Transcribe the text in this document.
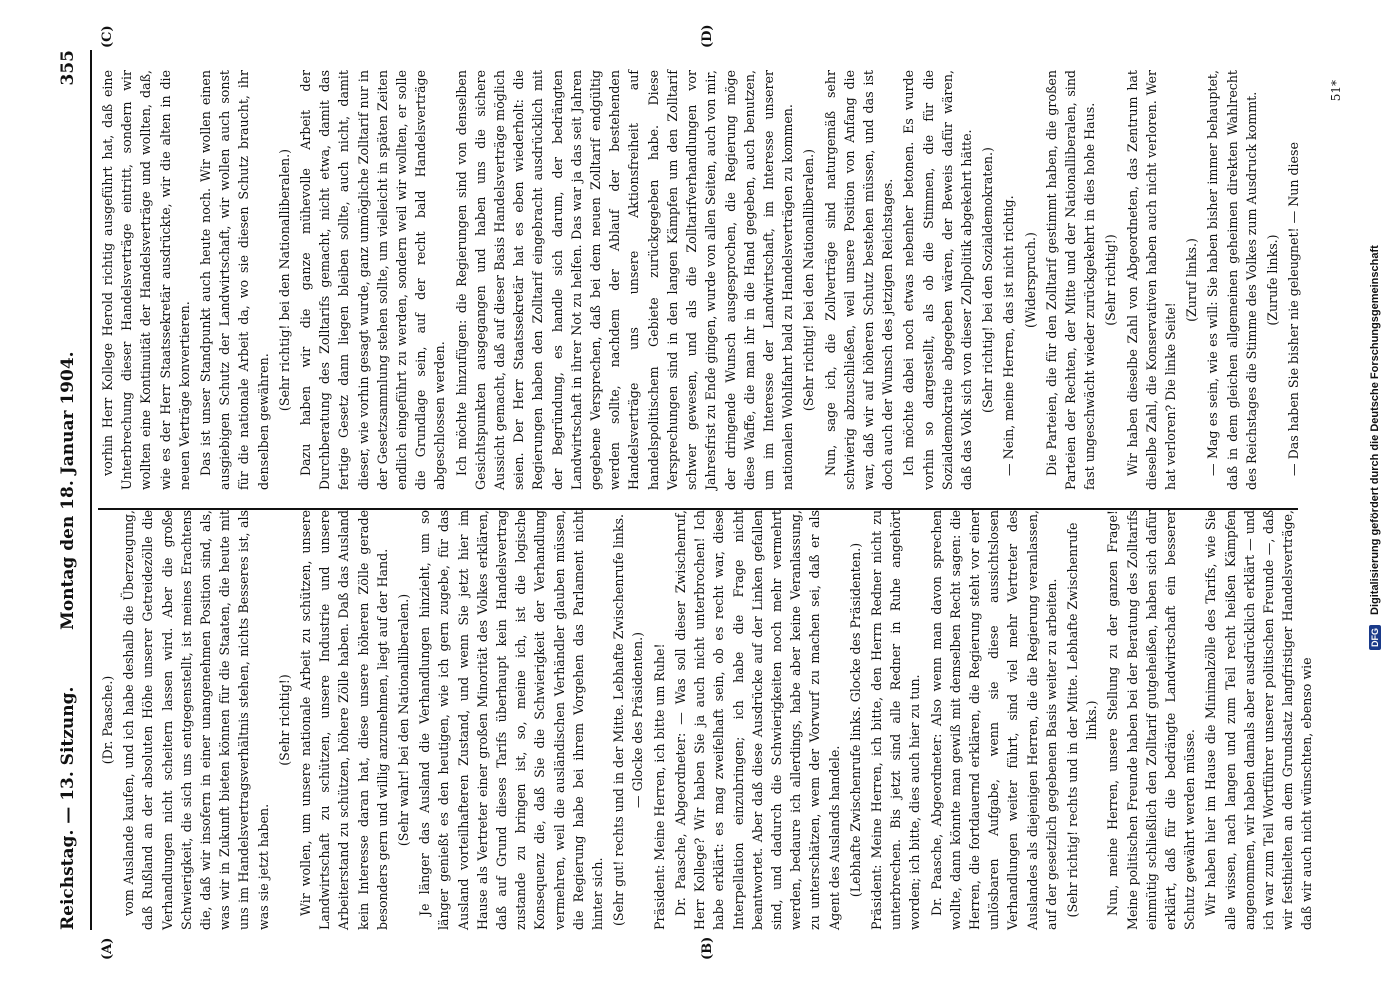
Reichstag. — 13. Sitzung.
Montag den 18. Januar 1904.
355
(A)	(B)
(C)	(D)

(Dr. Paasche.) vom Auslande kaufen, und ich habe deshalb die Überzeugung, daß Rußland an der absoluten Höhe unserer Getreidezölle die Verhandlungen nicht scheitern lassen wird. Aber die große Schwierigkeit, die sich uns entgegenstellt, ist meines Erachtens die, daß wir insofern in einer unangenehmen Position sind, als, was wir in Zukunft bieten können für die Staaten, die heute mit uns im Handelsvertragsverhältnis stehen, nichts Besseres ist, als was sie jetzt haben.

(Sehr richtig!) Wir wollen, um unsere nationale Arbeit zu schützen, unsere Landwirtschaft zu schützen, unsere Industrie und unsere Arbeiterstand zu schützen, höhere Zölle haben. Daß das Ausland kein Interesse daran hat, diese unsere höheren Zölle gerade besonders gern und willig anzunehmen, liegt auf der Hand. (Sehr wahr! bei den Nationalliberalen.) Je länger das Ausland die Verhandlungen hinzieht, um so länger genießt es den heutigen, wie ich gern zugebe, für das Ausland vorteilhafteren Zustand, und wenn Sie jetzt hier im Hause als Vertreter einer großen Minorität des Volkes erklären, daß auf Grund dieses Tarifs überhaupt kein Handelsvertrag zustande zu bringen ist, so, meine ich, ist die logische Konsequenz die, daß Sie die Schwierigkeit der Verhandlung vermehren, weil die ausländischen Verhändler glauben müssen, die Regierung habe bei ihrem Vorgehen das Parlament nicht hinter sich. (Sehr gut! rechts und in der Mitte. Lebhafte Zwischenrufe links. — Glocke des Präsidenten.) Präsident: Meine Herren, ich bitte um Ruhe! Dr. Paasche, Abgeordneter: — Was soll dieser Zwischenruf, Herr Kollege? Wir haben Sie ja auch nicht unterbrochen! Ich habe erklärt: es mag zweifelhaft sein, ob es recht war, diese Interpellation einzubringen; ich habe die Frage nicht beantwortet. Aber daß diese Ausdrücke auf der Linken gefallen sind, und dadurch die Schwierigkeiten noch mehr vermehrt werden, bedaure ich allerdings, habe aber keine Veranlassung, zu unterschätzen, wem der Vorwurf zu machen sei, daß er als Agent des Auslands handele. (Lebhafte Zwischenrufe links. Glocke des Präsidenten.) Präsident: Meine Herren, ich bitte, den Herrn Redner nicht zu unterbrechen. Bis jetzt sind alle Redner in Ruhe angehört worden; ich bitte, dies auch hier zu tun. Dr. Paasche, Abgeordneter: Also wenn man davon sprechen wollte, dann könnte man gewiß mit demselben Recht sagen: die Herren, die fortdauernd erklären, die Regierung steht vor einer unlösbaren Aufgabe, wenn sie diese aussichtslosen Verhandlungen weiter führt, sind viel mehr Vertreter des Auslandes als diejenigen Herren, die die Regierung veranlassen, auf der gesetzlich gegebenen Basis weiter zu arbeiten. (Sehr richtig! rechts und in der Mitte. Lebhafte Zwischenrufe links.) Nun, meine Herren, unsere Stellung zu der ganzen Frage! Meine politischen Freunde haben bei der Beratung des Zolltarifs einmütig schließlich den Zolltarif gutgeheißen, haben sich dafür erklärt, daß für die bedrängte Landwirtschaft ein besserer Schutz gewährt werden müsse. Wir haben hier im Hause die Minimalzölle des Tarifs, wie Sie alle wissen, nach langen und zum Teil recht heißen Kämpfen angenommen, wir haben damals aber ausdrücklich erklärt — und ich war zum Teil Wortführer unserer politischen Freunde —, daß wir festhielten an dem Grundsatz langfristiger Handelsverträge, daß wir auch nicht wünschten, ebenso wie

vorhin Herr Kollege Herold richtig ausgeführt hat, daß eine Unterbrechung dieser Handelsverträge eintritt, sondern wir wollten eine Kontinuität der Handelsverträge und wollten, daß, wie es der Herr Staatssekretär ausdrückte, wir die alten in die neuen Verträge konvertieren. Das ist unser Standpunkt auch heute noch. Wir wollen einen ausgiebigen Schutz der Landwirtschaft, wir wollen auch sonst für die nationale Arbeit da, wo sie diesen Schutz braucht, ihr denselben gewähren.

(Sehr richtig! bei den Nationalliberalen.) Dazu haben wir die ganze mühevolle Arbeit der Durchberatung des Zolltarifs gemacht, nicht etwa, damit das fertige Gesetz dann liegen bleiben sollte, auch nicht, damit dieser, wie vorhin gesagt wurde, ganz unmögliche Zolltarif nur in der Gesetzsammlung stehen sollte, um vielleicht in späten Zeiten endlich eingeführt zu werden, sondern weil wir wollten, er solle die Grundlage sein, auf der recht bald Handelsverträge abgeschlossen werden. Ich möchte hinzufügen: die Regierungen sind von denselben Gesichtspunkten ausgegangen und haben uns die sichere Aussicht gemacht, daß auf dieser Basis Handelsverträge möglich seien. Der Herr Staatssekretär hat es eben wiederholt: die Regierungen haben den Zolltarif eingebracht ausdrücklich mit der Begründung, es handle sich darum, der bedrängten Landwirtschaft in ihrer Not zu helfen. Das war ja das seit Jahren gegebene Versprechen, daß bei dem neuen Zolltarif endgültig werden sollte, nachdem der Ablauf der bestehenden Handelsverträge uns unsere Aktionsfreiheit auf handelspolitischem Gebiete zurückgegeben habe. Diese Versprechungen sind in den langen Kämpfen um den Zolltarif schwer gewesen, und als die Zolltarifverhandlungen vor Jahresfrist zu Ende gingen, wurde von allen Seiten, auch von mir, der dringende Wunsch ausgesprochen, die Regierung möge diese Waffe, die man ihr in die Hand gegeben, auch benutzen, um im Interesse der Landwirtschaft, im Interesse unserer nationalen Wohlfahrt bald zu Handelsverträgen zu kommen. (Sehr richtig! bei den Nationalliberalen.) Nun, sage ich, die Zollverträge sind naturgemäß sehr schwierig abzuschließen, weil unsere Position von Anfang die war, daß wir auf höheren Schutz bestehen müssen, und das ist doch auch der Wunsch des jetzigen Reichstages. Ich möchte dabei noch etwas nebenher betonen. Es wurde vorhin so dargestellt, als ob die Stimmen, die für die Sozialdemokratie abgegeben wären, der Beweis dafür wären, daß das Volk sich von dieser Zollpolitik abgekehrt hätte. (Sehr richtig! bei den Sozialdemokraten.) — Nein, meine Herren, das ist nicht richtig. (Widerspruch.) Die Parteien, die für den Zolltarif gestimmt haben, die großen Parteien der Rechten, der Mitte und der Nationalliberalen, sind fast ungeschwächt wieder zurückgekehrt in dies hohe Haus. (Sehr richtig!) Wir haben dieselbe Zahl von Abgeordneten, das Zentrum hat dieselbe Zahl, die Konservativen haben auch nicht verloren. Wer hat verloren? Die linke Seite!

(Zuruf links.) — Mag es sein, wie es will: Sie haben bisher immer behauptet, daß in dem gleichen allgemeinen geheimen direkten Wahlrecht des Reichstages die Stimme des Volkes zum Ausdruck kommt. (Zurufe links.) — Das haben Sie bisher nie geleugnet! — Nun diese

51*
DFG
Digitalisierung gefördert durch die Deutsche Forschungsgemeinschaft
